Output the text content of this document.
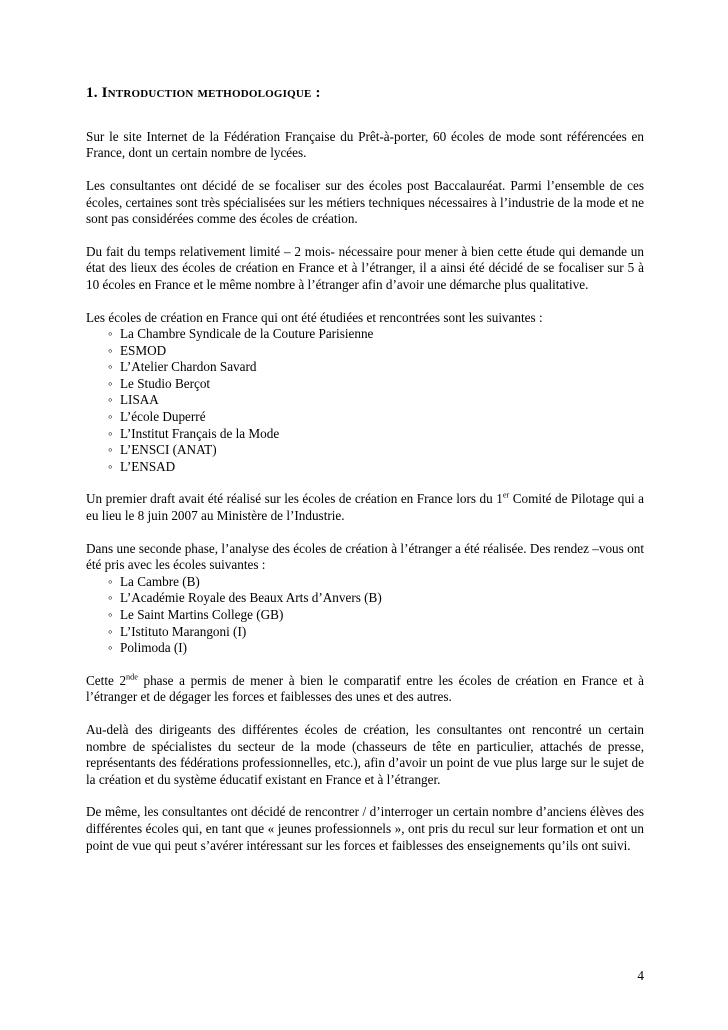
1. Introduction methodologique :

Sur le site Internet de la Fédération Française du Prêt-à-porter, 60 écoles de mode sont référencées en France, dont un certain nombre de lycées.

Les consultantes ont décidé de se focaliser sur des écoles post Baccalauréat. Parmi l’ensemble de ces écoles, certaines sont très spécialisées sur les métiers techniques nécessaires à l’industrie de la mode et ne sont pas considérées comme des écoles de création.

Du fait du temps relativement limité – 2 mois- nécessaire pour mener à bien cette étude qui demande un état des lieux des écoles de création en France et à l’étranger, il a ainsi été décidé de se focaliser sur 5 à 10 écoles en France et le même nombre à l’étranger afin d’avoir une démarche plus qualitative.

Les écoles de création en France qui ont été étudiées et rencontrées sont les suivantes :

◦ La Chambre Syndicale de la Couture Parisienne
◦ ESMOD
◦ L’Atelier Chardon Savard
◦ Le Studio Berçot
◦ LISAA
◦ L’école Duperré
◦ L’Institut Français de la Mode
◦ L’ENSCI (ANAT)
◦ L’ENSAD

Un premier draft avait été réalisé sur les écoles de création en France lors du 1er Comité de Pilotage qui a eu lieu le 8 juin 2007 au Ministère de l’Industrie.

Dans une seconde phase, l’analyse des écoles de création à l’étranger a été réalisée. Des rendez –vous ont été pris avec les écoles suivantes :

◦ La Cambre (B)
◦ L’Académie Royale des Beaux Arts d’Anvers (B)
◦ Le Saint Martins College (GB)
◦ L’Istituto Marangoni (I)
◦ Polimoda (I)

Cette 2nde phase a permis de mener à bien le comparatif entre les écoles de création en France et à l’étranger et de dégager les forces et faiblesses des unes et des autres.

Au-delà des dirigeants des différentes écoles de création, les consultantes ont rencontré un certain nombre de spécialistes du secteur de la mode (chasseurs de tête en particulier, attachés de presse, représentants des fédérations professionnelles, etc.), afin d’avoir un point de vue plus large sur le sujet de la création et du système éducatif existant en France et à l’étranger.

De même, les consultantes ont décidé de rencontrer / d’interroger un certain nombre d’anciens élèves des différentes écoles qui, en tant que « jeunes professionnels », ont pris du recul sur leur formation et ont un point de vue qui peut s’avérer intéressant sur les forces et faiblesses des enseignements qu’ils ont suivi.

4
